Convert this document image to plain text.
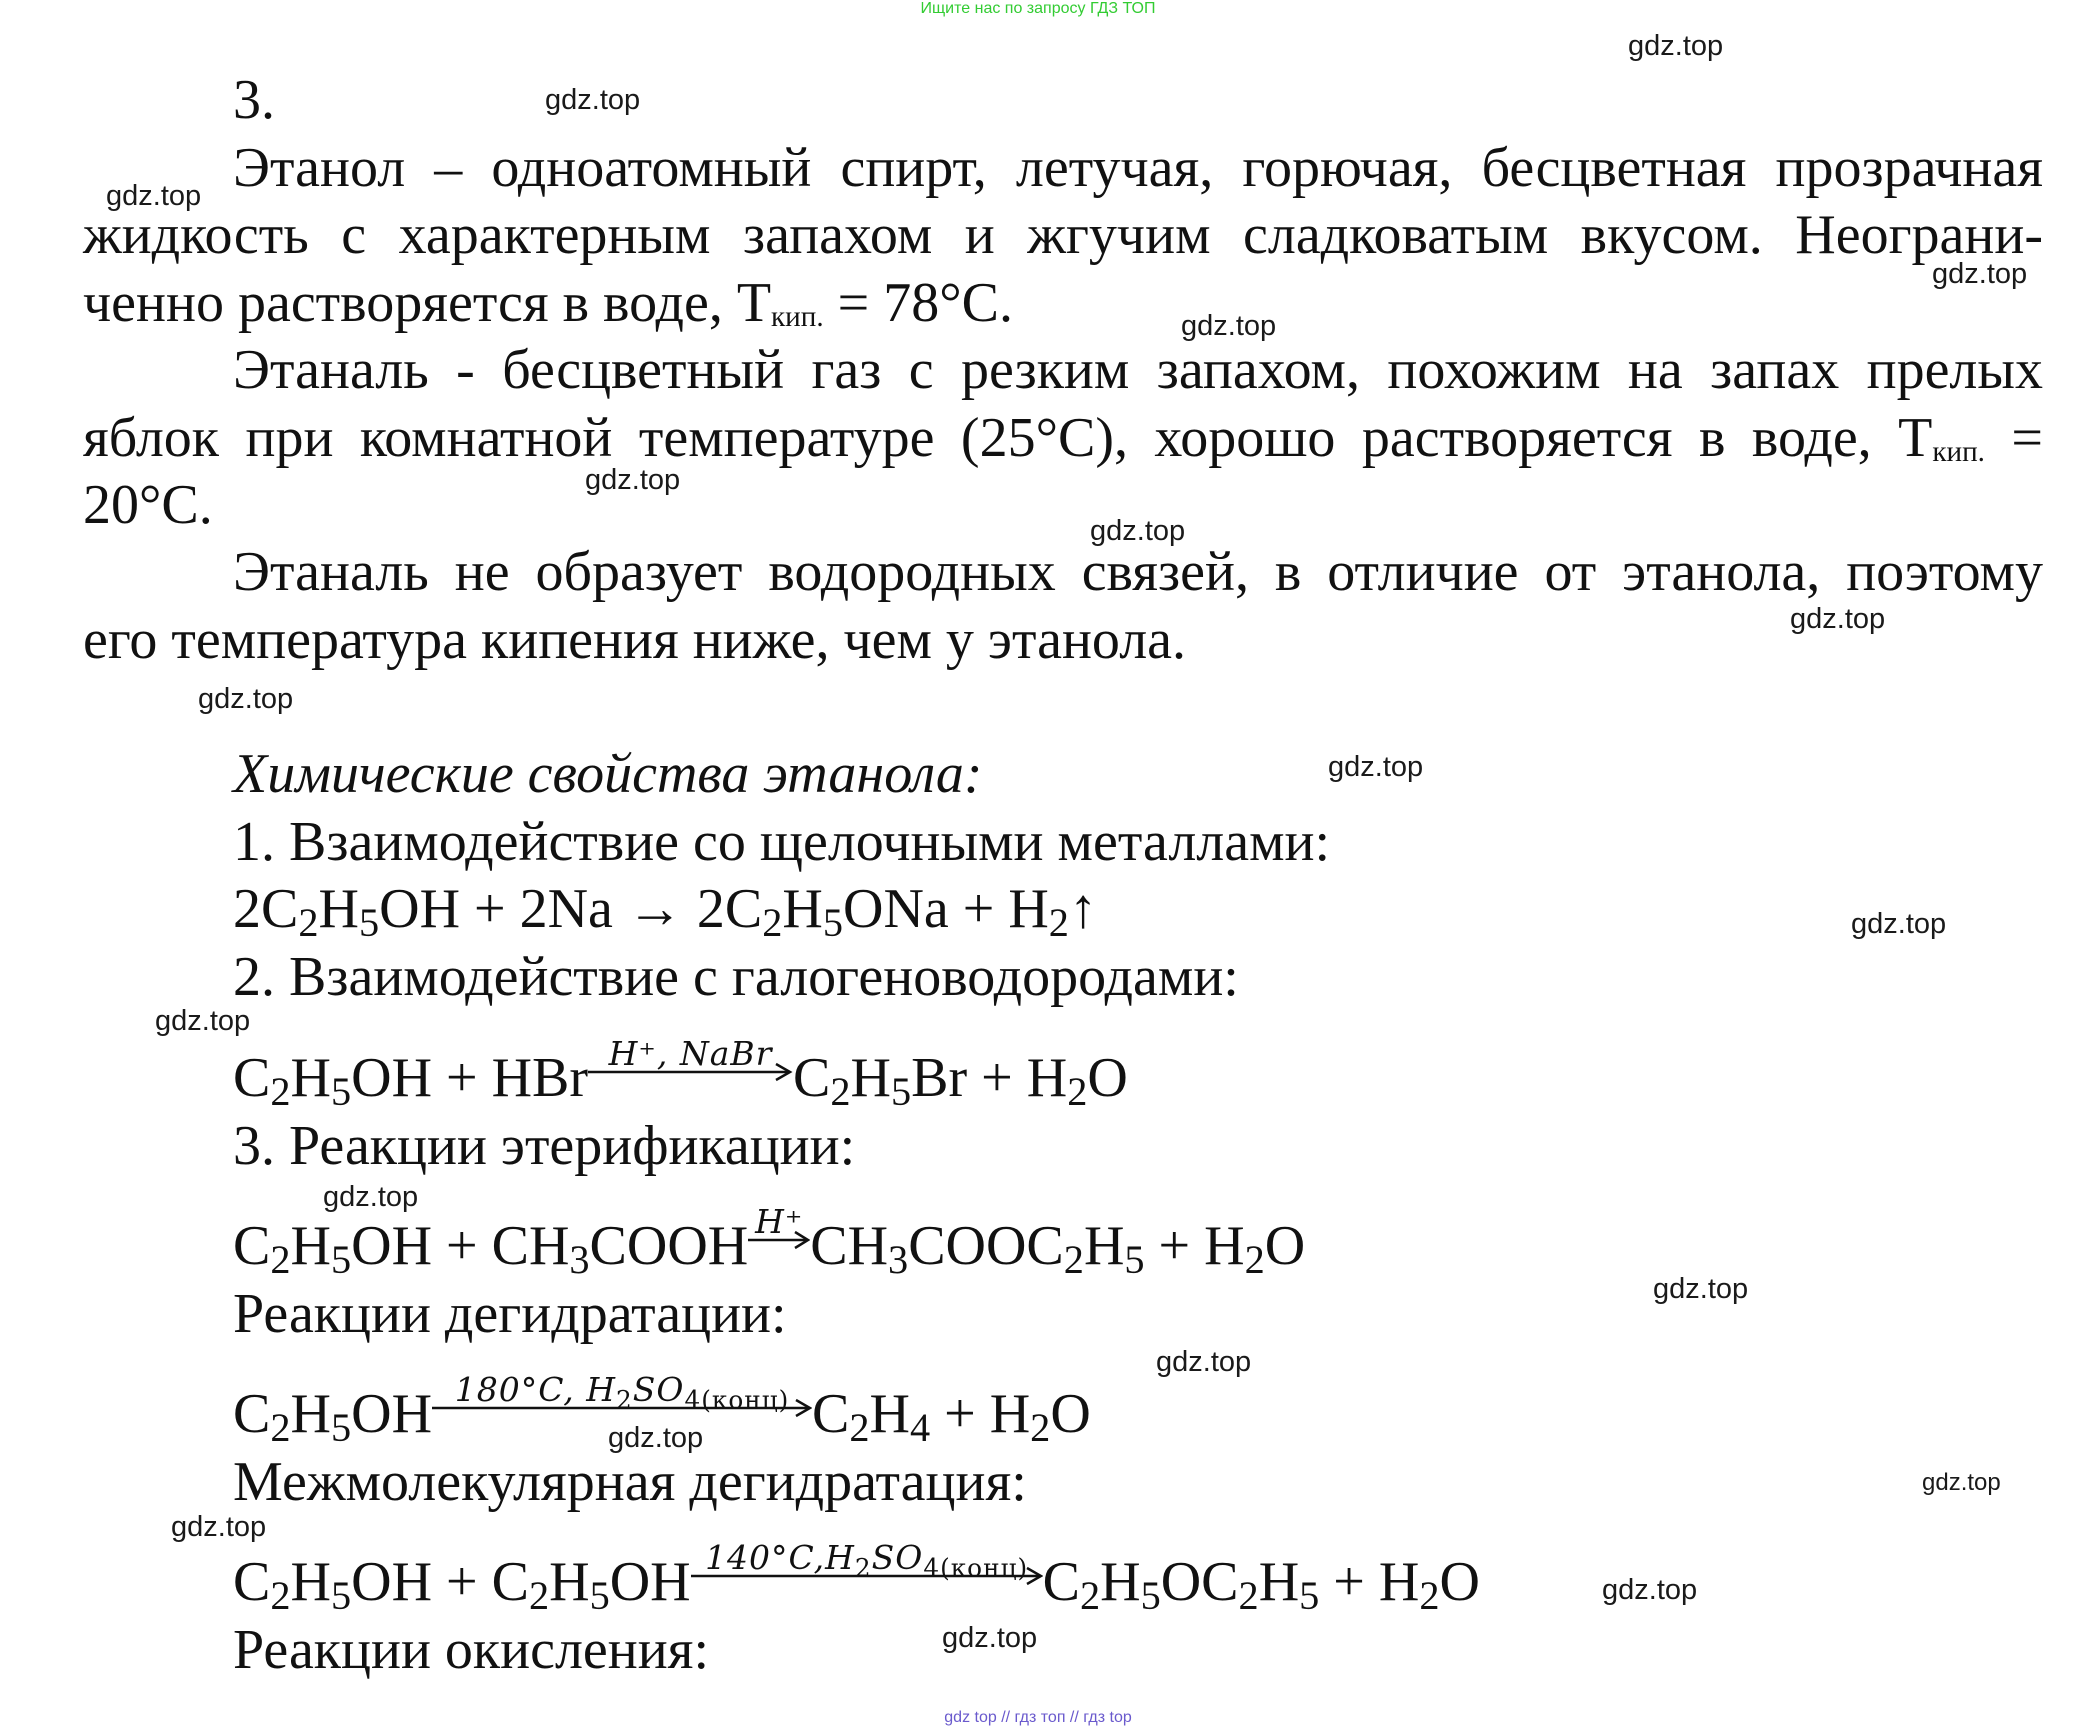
Ищите нас по запросу ГДЗ ТОП
3.
Этанол – одноатомный спирт, летучая, горючая, бесцветная прозрачная
жидкость с характерным запахом и жгучим сладковатым вкусом. Неограни-
ченно растворяется в воде, $T_{кип.} = 78^\circ C$.
Этаналь - бесцветный газ с резким запахом, похожим на запах прелых
яблок при комнатной температуре (25°C), хорошо растворяется в воде, $T_{кип.}$ =
20°C.
Этаналь не образует водородных связей, в отличие от этанола, поэтому
его температура кипения ниже, чем у этанола.
Химические свойства этанола:
1. Взаимодействие со щелочными металлами:
$2C_2H_5OH + 2Na \to 2C_2H_5ONa$ + $H_2↑$
2. Взаимодействие с галогеноводородами:
$C_2H_5OH$ + HBr H⁺, NaBr $C_2H_5Br + H_2O$
3. Реакции этерификации:
$C_2H_5OH$ + $CH_3COOH$ H⁺ $CH_3COOC_2H_5 + H_2O$
Реакции дегидратации:
$C_2H_5OH$ 180°C, $H_2SO_{4(конц)}$ $C_2H_4 + H_2O$
Межмолекулярная дегидратация:
$C_2H_5OH + C_2H_5OH$ $140^\circ C,H_2SO_{4(конц)}$ $C_2H_5OC_2H_5 + H_2O$
Реакции окисления:
gdz.top
gdz.top
gdz.top
gdz.top
gdz.top
gdz.top
gdz.top
gdz.top
gdz.top
gdz.top
gdz.top
gdz.top
gdz.top
gdz.top
gdz.top
gdz.top
gdz.top
gdz.top
gdz.top
gdz.top
gdz top // гдз топ // гдз top
